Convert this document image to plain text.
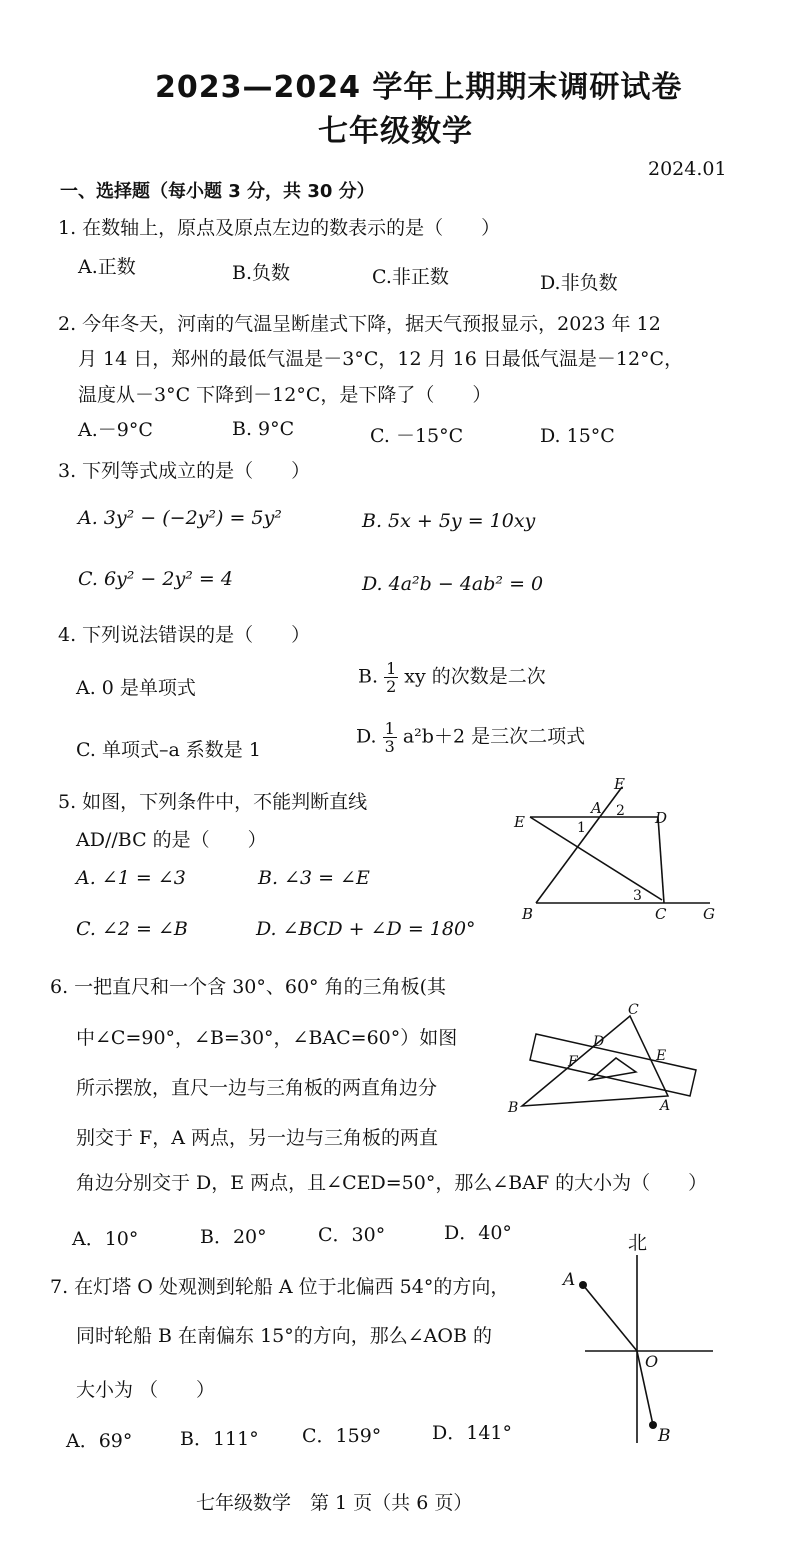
2023—2024 学年上期期末调研试卷
七年级数学
2024.01
一、选择题（每小题 3 分，共 30 分）
1. 在数轴上，原点及原点左边的数表示的是（　　）
A.正数	B.负数	C.非正数	D.非负数
2. 今年冬天，河南的气温呈断崖式下降，据天气预报显示，2023 年 12
月 14 日，郑州的最低气温是－3°C，12 月 16 日最低气温是－12°C，
温度从－3°C 下降到－12°C，是下降了（　　）
A.－9°C	B. 9°C	C. －15°C	D. 15°C
3. 下列等式成立的是（　　）
A. 3y² − (−2y²) = 5y²	B. 5x + 5y = 10xy
C. 6y² − 2y² = 4	D. 4a²b − 4ab² = 0
4. 下列说法错误的是（　　）
A. 0 是单项式
B. $\frac{1}{2}$ xy 的次数是二次
C. 单项式–a 系数是 1
D. $\frac{1}{3} a^2b+2$ 是三次二项式
5. 如图，下列条件中，不能判断直线
AD//BC 的是（　　）
A. ∠1 = ∠3	B. ∠3 = ∠E
C. ∠2 = ∠B	D. ∠BCD + ∠D = 180°
E
A 2
E	1
D
3
B	C G
6. 一把直尺和一个含 30°、60° 角的三角板(其
中∠C=90°，∠B=30°，∠BAC=60°）如图
所示摆放，直尺一边与三角板的两直角边分
别交于 F，A 两点，另一边与三角板的两直
角边分别交于 D，E 两点，且∠CED=50°，那么∠BAF 的大小为（　　）
A．10°	B．20°	C．30°	D．40°
C
D
F	E
B	A
7. 在灯塔 O 处观测到轮船 A 位于北偏西 54°的方向，
同时轮船 B 在南偏东 15°的方向，那么∠AOB 的
大小为 （　　）
A．69°	B．111° C．159°	D．141°
北
A
O
B
七年级数学　第 1 页（共 6 页）
